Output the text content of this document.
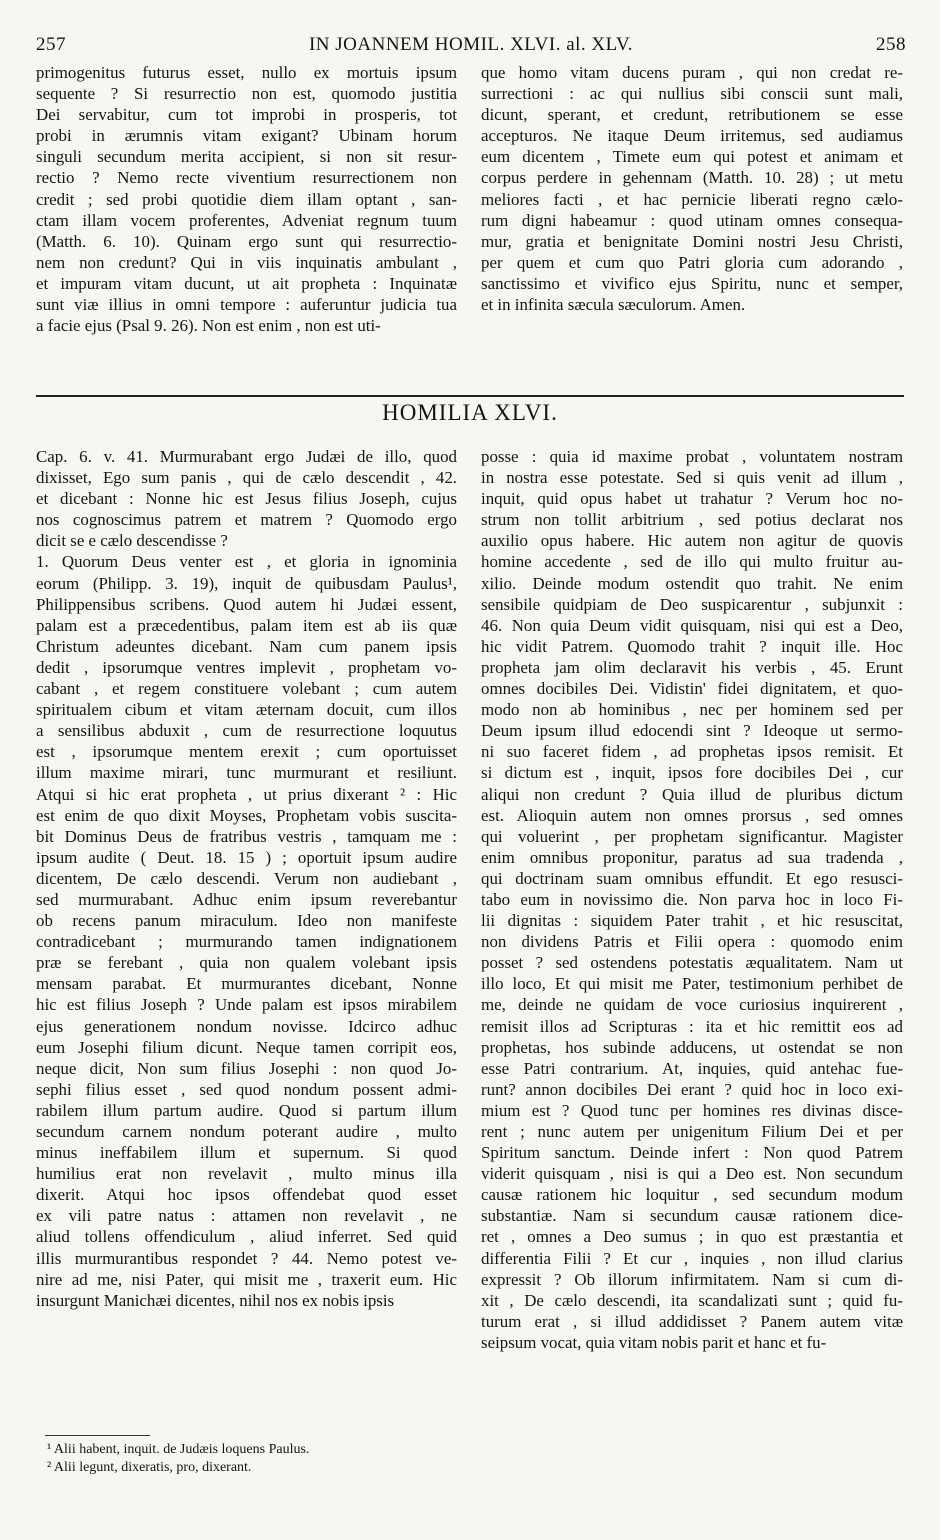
257	IN JOANNEM HOMIL. XLVI. al. XLV.	258

primogenitus futurus esset, nullo ex mortuis ipsum

sequente ? Si resurrectio non est, quomodo justitia

Dei servabitur, cum tot improbi in prosperis, tot

probi in ærumnis vitam exigant? Ubinam horum

singuli secundum merita accipient, si non sit resur-

rectio ? Nemo recte viventium resurrectionem non

credit ; sed probi quotidie diem illam optant , san-

ctam illam vocem proferentes, Adveniat regnum tuum

(Matth. 6. 10). Quinam ergo sunt qui resurrectio-

nem non credunt? Qui in viis inquinatis ambulant ,

et impuram vitam ducunt, ut ait propheta : Inquinatæ

sunt viæ illius in omni tempore : auferuntur judicia tua

a facie ejus (Psal 9. 26). Non est enim , non est uti-

que homo vitam ducens puram , qui non credat re-

surrectioni : ac qui nullius sibi conscii sunt mali,

dicunt, sperant, et credunt, retributionem se esse

accepturos. Ne itaque Deum irritemus, sed audiamus

eum dicentem , Timete eum qui potest et animam et

corpus perdere in gehennam (Matth. 10. 28) ; ut metu

meliores facti , et hac pernicie liberati regno cælo-

rum digni habeamur : quod utinam omnes consequa-

mur, gratia et benignitate Domini nostri Jesu Christi,

per quem et cum quo Patri gloria cum adorando ,

sanctissimo et vivifico ejus Spiritu, nunc et semper,

et in infinita sæcula sæculorum. Amen.

HOMILIA XLVI.

Cap. 6. v. 41. Murmurabant ergo Judæi de illo, quod

dixisset, Ego sum panis , qui de cælo descendit , 42.

et dicebant : Nonne hic est Jesus filius Joseph, cujus

nos cognoscimus patrem et matrem ? Quomodo ergo

dicit se e cælo descendisse ?

1. Quorum Deus venter est , et gloria in ignominia

eorum (Philipp. 3. 19), inquit de quibusdam Paulus¹,

Philippensibus scribens. Quod autem hi Judæi essent,

palam est a præcedentibus, palam item est ab iis quæ

Christum adeuntes dicebant. Nam cum panem ipsis

dedit , ipsorumque ventres implevit , prophetam vo-

cabant , et regem constituere volebant ; cum autem

spiritualem cibum et vitam æternam docuit, cum illos

a sensilibus abduxit , cum de resurrectione loquutus

est , ipsorumque mentem erexit ; cum oportuisset

illum maxime mirari, tunc murmurant et resiliunt.

Atqui si hic erat propheta , ut prius dixerant ² : Hic

est enim de quo dixit Moyses, Prophetam vobis suscita-

bit Dominus Deus de fratribus vestris , tamquam me :

ipsum audite ( Deut. 18. 15 ) ; oportuit ipsum audire

dicentem, De cælo descendi. Verum non audiebant ,

sed murmurabant. Adhuc enim ipsum reverebantur

ob recens panum miraculum. Ideo non manifeste

contradicebant ; murmurando tamen indignationem

præ se ferebant , quia non qualem volebant ipsis

mensam parabat. Et murmurantes dicebant, Nonne

hic est filius Joseph ? Unde palam est ipsos mirabilem

ejus generationem nondum novisse. Idcirco adhuc

eum Josephi filium dicunt. Neque tamen corripit eos,

neque dicit, Non sum filius Josephi : non quod Jo-

sephi filius esset , sed quod nondum possent admi-

rabilem illum partum audire. Quod si partum illum

secundum carnem nondum poterant audire , multo

minus ineffabilem illum et supernum. Si quod

humilius erat non revelavit , multo minus illa

dixerit. Atqui hoc ipsos offendebat quod esset

ex vili patre natus : attamen non revelavit , ne

aliud tollens offendiculum , aliud inferret. Sed quid

illis murmurantibus respondet ? 44. Nemo potest ve-

nire ad me, nisi Pater, qui misit me , traxerit eum. Hic

insurgunt Manichæi dicentes, nihil nos ex nobis ipsis

posse : quia id maxime probat , voluntatem nostram

in nostra esse potestate. Sed si quis venit ad illum ,

inquit, quid opus habet ut trahatur ? Verum hoc no-

strum non tollit arbitrium , sed potius declarat nos

auxilio opus habere. Hic autem non agitur de quovis

homine accedente , sed de illo qui multo fruitur au-

xilio. Deinde modum ostendit quo trahit. Ne enim

sensibile quidpiam de Deo suspicarentur , subjunxit :

46. Non quia Deum vidit quisquam, nisi qui est a Deo,

hic vidit Patrem. Quomodo trahit ? inquit ille. Hoc

propheta jam olim declaravit his verbis , 45. Erunt

omnes docibiles Dei. Vidistin' fidei dignitatem, et quo-

modo non ab hominibus , nec per hominem sed per

Deum ipsum illud edocendi sint ? Ideoque ut sermo-

ni suo faceret fidem , ad prophetas ipsos remisit. Et

si dictum est , inquit, ipsos fore docibiles Dei , cur

aliqui non credunt ? Quia illud de pluribus dictum

est. Alioquin autem non omnes prorsus , sed omnes

qui voluerint , per prophetam significantur. Magister

enim omnibus proponitur, paratus ad sua tradenda ,

qui doctrinam suam omnibus effundit. Et ego resusci-

tabo eum in novissimo die. Non parva hoc in loco Fi-

lii dignitas : siquidem Pater trahit , et hic resuscitat,

non dividens Patris et Filii opera : quomodo enim

posset ? sed ostendens potestatis æqualitatem. Nam ut

illo loco, Et qui misit me Pater, testimonium perhibet de

me, deinde ne quidam de voce curiosius inquirerent ,

remisit illos ad Scripturas : ita et hic remittit eos ad

prophetas, hos subinde adducens, ut ostendat se non

esse Patri contrarium. At, inquies, quid antehac fue-

runt? annon docibiles Dei erant ? quid hoc in loco exi-

mium est ? Quod tunc per homines res divinas disce-

rent ; nunc autem per unigenitum Filium Dei et per

Spiritum sanctum. Deinde infert : Non quod Patrem

viderit quisquam , nisi is qui a Deo est. Non secundum

causæ rationem hic loquitur , sed secundum modum

substantiæ. Nam si secundum causæ rationem dice-

ret , omnes a Deo sumus ; in quo est præstantia et

differentia Filii ? Et cur , inquies , non illud clarius

expressit ? Ob illorum infirmitatem. Nam si cum di-

xit , De cælo descendi, ita scandalizati sunt ; quid fu-

turum erat , si illud addidisset ? Panem autem vitæ

seipsum vocat, quia vitam nobis parit et hanc et fu-

¹ Alii habent, inquit. de Judæis loquens Paulus.
² Alii legunt, dixeratis, pro, dixerant.
